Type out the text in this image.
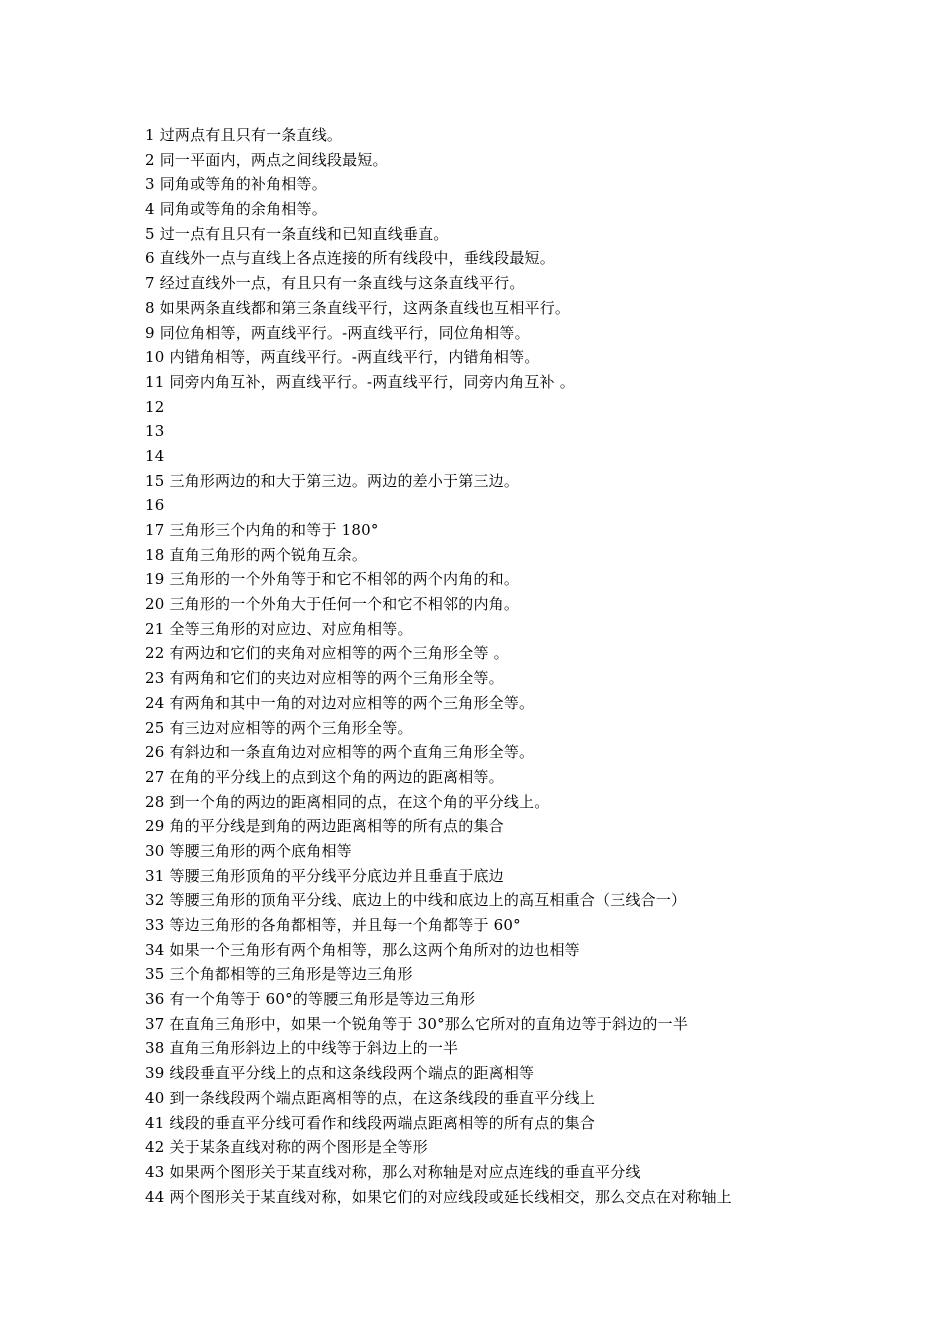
1 过两点有且只有一条直线。
2 同一平面内，两点之间线段最短。
3 同角或等角的补角相等。
4 同角或等角的余角相等。
5 过一点有且只有一条直线和已知直线垂直。
6 直线外一点与直线上各点连接的所有线段中，垂线段最短。
7 经过直线外一点，有且只有一条直线与这条直线平行。
8 如果两条直线都和第三条直线平行，这两条直线也互相平行。
9 同位角相等，两直线平行。-两直线平行，同位角相等。
10 内错角相等，两直线平行。-两直线平行，内错角相等。
11 同旁内角互补，两直线平行。-两直线平行，同旁内角互补 。
12
13
14
15 三角形两边的和大于第三边。两边的差小于第三边。
16
17 三角形三个内角的和等于 180°
18 直角三角形的两个锐角互余。
19 三角形的一个外角等于和它不相邻的两个内角的和。
20 三角形的一个外角大于任何一个和它不相邻的内角。
21 全等三角形的对应边、对应角相等。
22 有两边和它们的夹角对应相等的两个三角形全等 。
23 有两角和它们的夹边对应相等的两个三角形全等。
24 有两角和其中一角的对边对应相等的两个三角形全等。
25 有三边对应相等的两个三角形全等。
26 有斜边和一条直角边对应相等的两个直角三角形全等。
27 在角的平分线上的点到这个角的两边的距离相等。
28 到一个角的两边的距离相同的点，在这个角的平分线上。
29 角的平分线是到角的两边距离相等的所有点的集合
30 等腰三角形的两个底角相等
31 等腰三角形顶角的平分线平分底边并且垂直于底边
32 等腰三角形的顶角平分线、底边上的中线和底边上的高互相重合（三线合一）
33 等边三角形的各角都相等，并且每一个角都等于 60°
34 如果一个三角形有两个角相等，那么这两个角所对的边也相等
35 三个角都相等的三角形是等边三角形
36 有一个角等于 60°的等腰三角形是等边三角形
37 在直角三角形中，如果一个锐角等于 30°那么它所对的直角边等于斜边的一半
38 直角三角形斜边上的中线等于斜边上的一半
39 线段垂直平分线上的点和这条线段两个端点的距离相等
40 到一条线段两个端点距离相等的点，在这条线段的垂直平分线上
41 线段的垂直平分线可看作和线段两端点距离相等的所有点的集合
42 关于某条直线对称的两个图形是全等形
43 如果两个图形关于某直线对称，那么对称轴是对应点连线的垂直平分线
44 两个图形关于某直线对称，如果它们的对应线段或延长线相交，那么交点在对称轴上
